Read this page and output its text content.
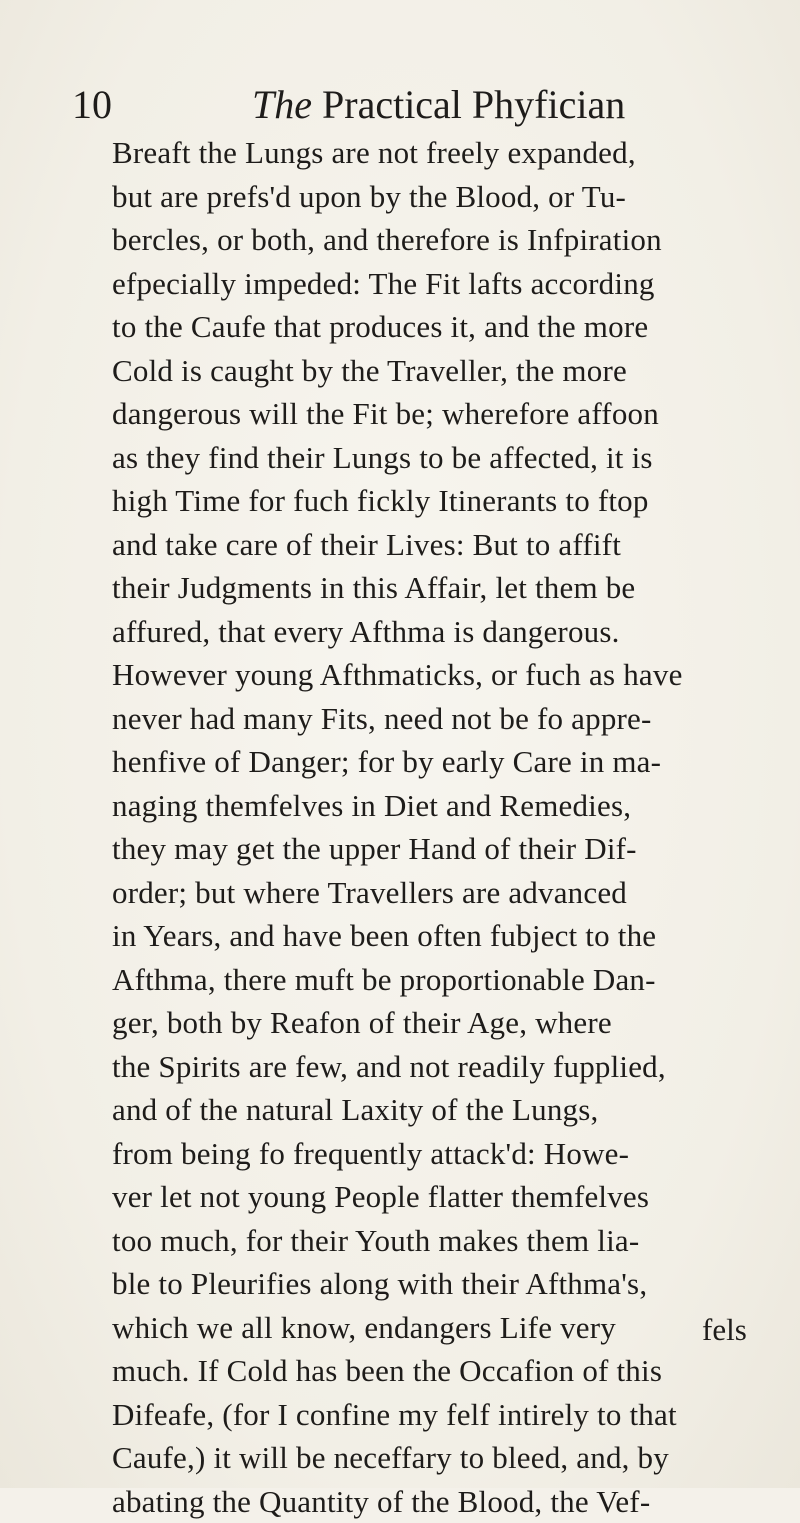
10	The Practical Phyfician
Breaft the Lungs are not freely expanded,
but are prefs'd upon by the Blood, or Tu-
bercles, or both, and therefore is Infpiration
efpecially impeded: The Fit lafts according
to the Caufe that produces it, and the more
Cold is caught by the Traveller, the more
dangerous will the Fit be; wherefore affoon
as they find their Lungs to be affected, it is
high Time for fuch fickly Itinerants to ftop
and take care of their Lives: But to affift
their Judgments in this Affair, let them be
affured, that every Afthma is dangerous.
However young Afthmaticks, or fuch as have
never had many Fits, need not be fo appre-
henfive of Danger; for by early Care in ma-
naging themfelves in Diet and Remedies,
they may get the upper Hand of their Dif-
order; but where Travellers are advanced
in Years, and have been often fubject to the
Afthma, there muft be proportionable Dan-
ger, both by Reafon of their Age, where
the Spirits are few, and not readily fupplied,
and of the natural Laxity of the Lungs,
from being fo frequently attack'd: Howe-
ver let not young People flatter themfelves
too much, for their Youth makes them lia-
ble to Pleurifies along with their Afthma's,
which we all know, endangers Life very
much. If Cold has been the Occafion of this
Difeafe, (for I confine my felf intirely to that
Caufe,) it will be neceffary to bleed, and, by
abating the Quantity of the Blood, the Vef-
fels
